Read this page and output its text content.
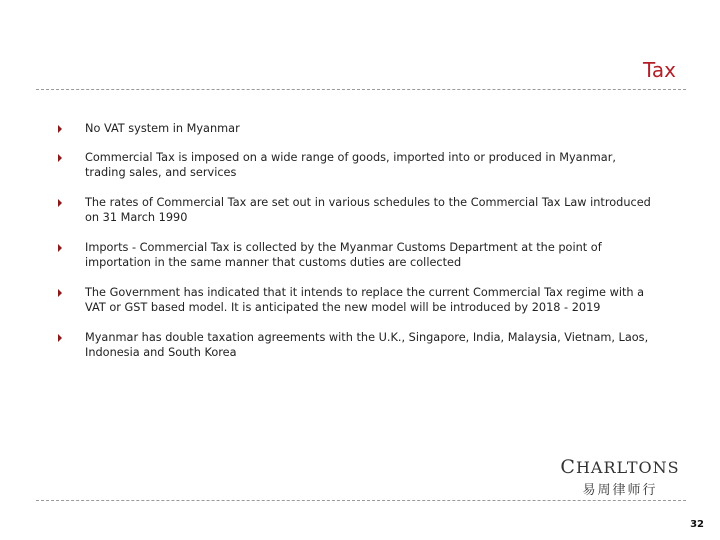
Tax
No VAT system in Myanmar
Commercial Tax is imposed on a wide range of goods, imported into or produced in Myanmar, trading sales, and services
The rates of Commercial Tax are set out in various schedules to the Commercial Tax Law introduced on 31 March 1990
Imports - Commercial Tax is collected by the Myanmar Customs Department at the point of importation in the same manner that customs duties are collected
The Government has indicated that it intends to replace the current Commercial Tax regime with a VAT or GST based model. It is anticipated the new model will be introduced by 2018 - 2019
Myanmar has double taxation agreements with the U.K., Singapore, India, Malaysia, Vietnam, Laos, Indonesia and South Korea
CHARLTONS
易周律师行
32
